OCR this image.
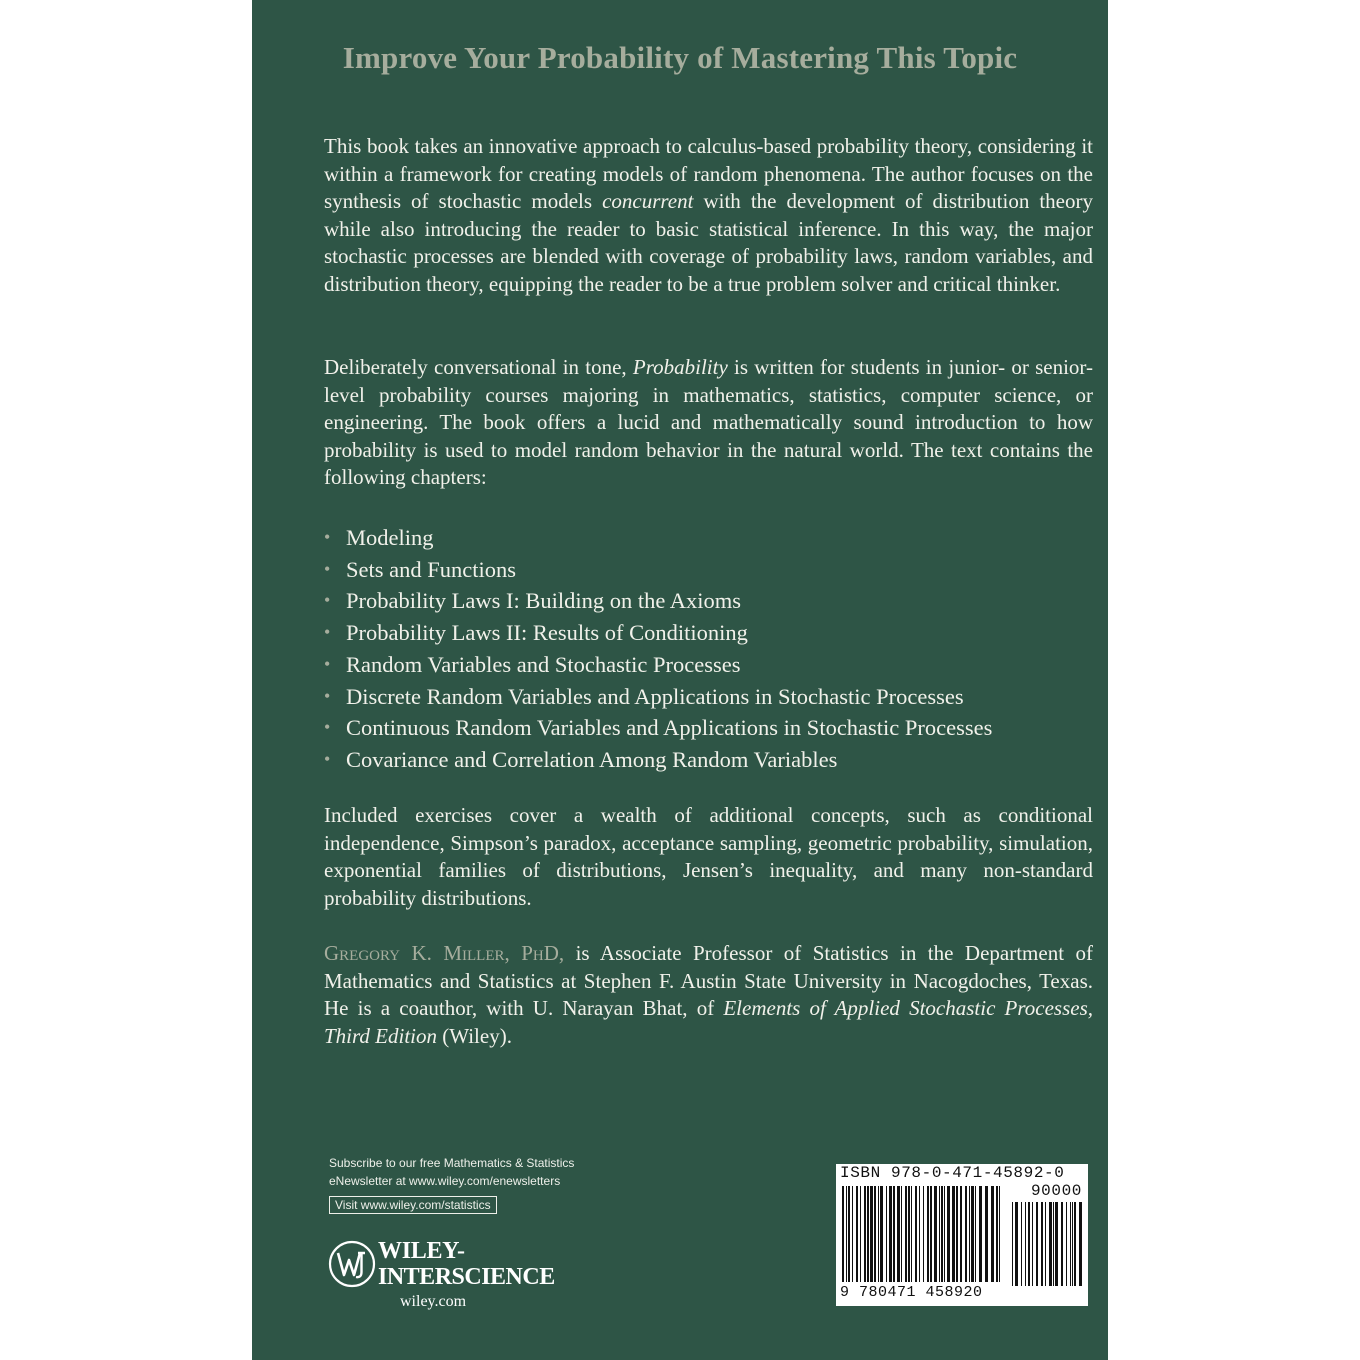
Improve Your Probability of Mastering This Topic

This book takes an innovative approach to calculus-based probability theory, considering it within a framework for creating models of random phenomena. The author focuses on the synthesis of stochastic models concurrent with the development of distribution theory while also introducing the reader to basic statistical inference. In this way, the major stochastic processes are blended with coverage of probability laws, random variables, and distribution theory, equipping the reader to be a true problem solver and critical thinker.

Deliberately conversational in tone, Probability is written for students in junior- or senior-level probability courses majoring in mathematics, statistics, computer science, or engineering. The book offers a lucid and mathematically sound introduction to how probability is used to model random behavior in the natural world. The text contains the following chapters:

• Modeling
• Sets and Functions
• Probability Laws I: Building on the Axioms
• Probability Laws II: Results of Conditioning
• Random Variables and Stochastic Processes
• Discrete Random Variables and Applications in Stochastic Processes
• Continuous Random Variables and Applications in Stochastic Processes
• Covariance and Correlation Among Random Variables

Included exercises cover a wealth of additional concepts, such as conditional independence, Simpson’s paradox, acceptance sampling, geometric probability, simulation, exponential families of distributions, Jensen’s inequality, and many non-standard probability distributions.

Gregory K. Miller, PhD, is Associate Professor of Statistics in the Department of Mathematics and Statistics at Stephen F. Austin State University in Nacogdoches, Texas. He is a coauthor, with U. Narayan Bhat, of Elements of Applied Stochastic Processes, Third Edition (Wiley).

Subscribe to our free Mathematics & Statistics
eNewsletter at www.wiley.com/enewsletters
Visit www.wiley.com/statistics
WILEY-
INTERSCIENCE
wiley.com
ISBN 978-0-471-45892-0
90000
9 780471 458920
